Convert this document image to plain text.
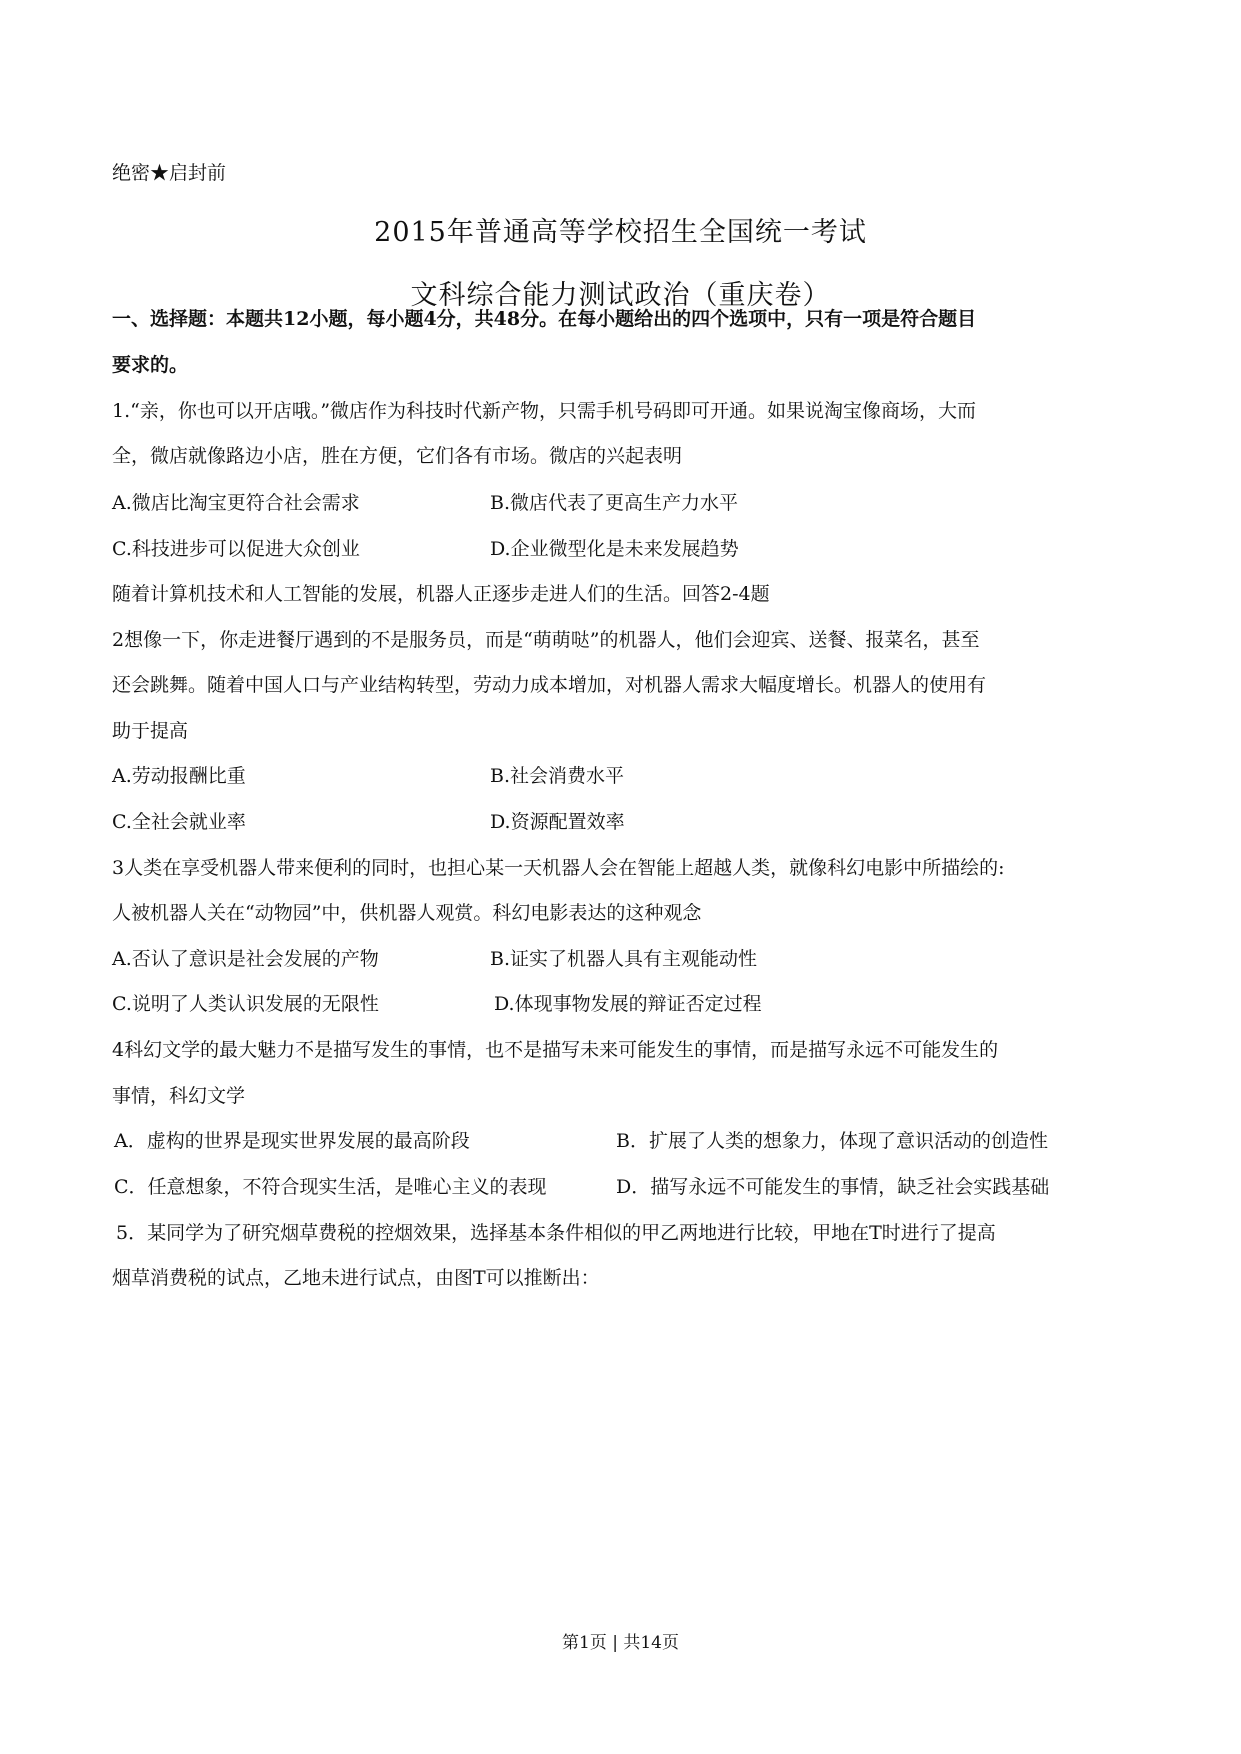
绝密★启封前
2015年普通高等学校招生全国统一考试
文科综合能力测试政治（重庆卷）
一、选择题：本题共12小题，每小题4分，共48分。在每小题给出的四个选项中，只有一项是符合题目
要求的。
1.“亲，你也可以开店哦。”微店作为科技时代新产物，只需手机号码即可开通。如果说淘宝像商场，大而
全，微店就像路边小店，胜在方便，它们各有市场。微店的兴起表明
A.微店比淘宝更符合社会需求	B.微店代表了更高生产力水平
C.科技进步可以促进大众创业	D.企业微型化是未来发展趋势
随着计算机技术和人工智能的发展，机器人正逐步走进人们的生活。回答2-4题
2想像一下，你走进餐厅遇到的不是服务员，而是“萌萌哒”的机器人，他们会迎宾、送餐、报菜名，甚至
还会跳舞。随着中国人口与产业结构转型，劳动力成本增加，对机器人需求大幅度增长。机器人的使用有
助于提高
A.劳动报酬比重	B.社会消费水平
C.全社会就业率	D.资源配置效率
3人类在享受机器人带来便利的同时，也担心某一天机器人会在智能上超越人类，就像科幻电影中所描绘的:
人被机器人关在“动物园”中，供机器人观赏。科幻电影表达的这种观念
A.否认了意识是社会发展的产物	B.证实了机器人具有主观能动性
C.说明了人类认识发展的无限性	D.体现事物发展的辩证否定过程
4科幻文学的最大魅力不是描写发生的事情，也不是描写未来可能发生的事情，而是描写永远不可能发生的
事情，科幻文学
A．虚构的世界是现实世界发展的最高阶段	B．扩展了人类的想象力，体现了意识活动的创造性
C．任意想象，不符合现实生活，是唯心主义的表现	D．描写永远不可能发生的事情，缺乏社会实践基础
5．某同学为了研究烟草费税的控烟效果，选择基本条件相似的甲乙两地进行比较，甲地在T时进行了提高
烟草消费税的试点，乙地未进行试点，由图T可以推断出：
第1页 | 共14页
